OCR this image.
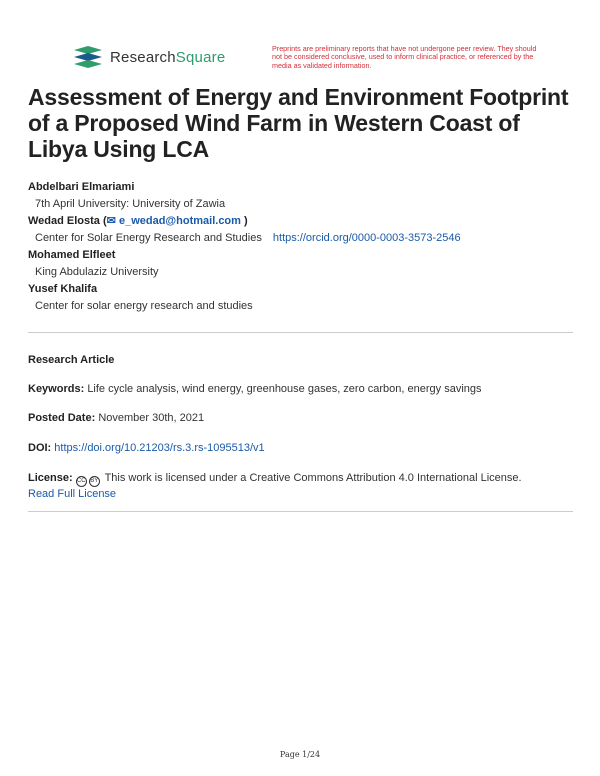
ResearchSquare	Preprints are preliminary reports that have not undergone peer review. They should not be considered conclusive, used to inform clinical practice, or referenced by the media as validated information.
Assessment of Energy and Environment Footprint of a Proposed Wind Farm in Western Coast of Libya Using LCA
Abdelbari Elmariami
7th April University: University of Zawia
Wedad Elosta (✉ e_wedad@hotmail.com )
Center for Solar Energy Research and Studies https://orcid.org/0000-0003-3573-2546
Mohamed Elfleet
King Abdulaziz University
Yusef Khalifa
Center for solar energy research and studies
Research Article
Keywords: Life cycle analysis, wind energy, greenhouse gases, zero carbon, energy savings
Posted Date: November 30th, 2021
DOI: https://doi.org/10.21203/rs.3.rs-1095513/v1
License: CC BY This work is licensed under a Creative Commons Attribution 4.0 International License.
Read Full License
Page 1/24
